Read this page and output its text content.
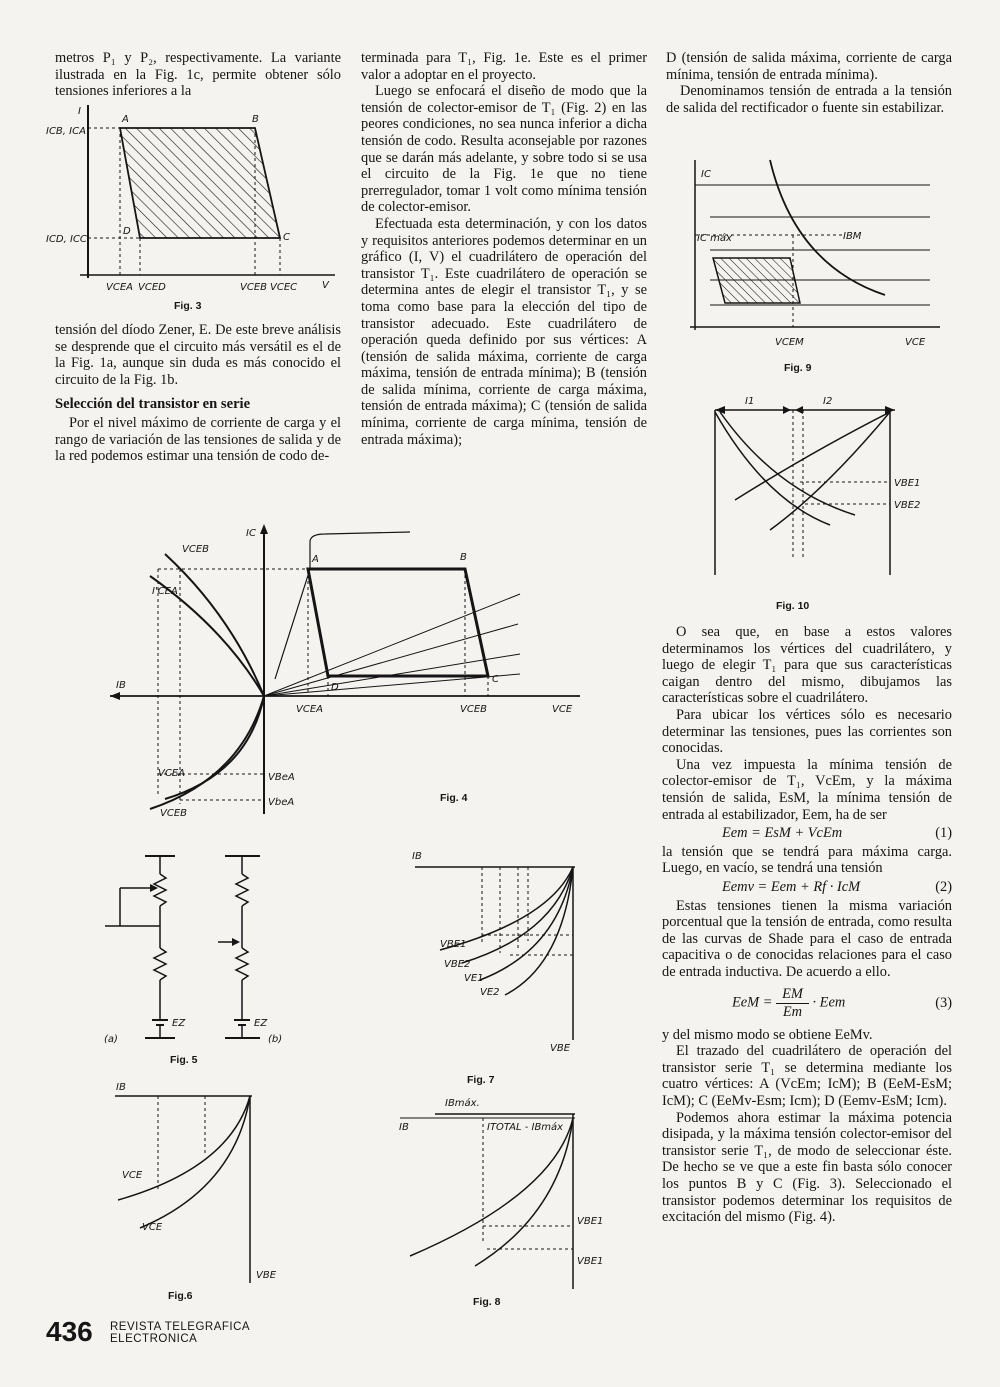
metros P₁ y P₂, respectivamente. La variante ilustrada en la Fig. 1c, permite obtener sólo tensiones inferiores a la

tensión del díodo Zener, E. De este breve análisis se desprende que el circuito más versátil es el de la Fig. 1a, aunque sin duda es más conocido el circuito de la Fig. 1b.

Selección del transistor en serie

Por el nivel máximo de corriente de carga y el rango de variación de las tensiones de salida y de la red podemos estimar una tensión de codo de-

terminada para T₁, Fig. 1e. Este es el primer valor a adoptar en el proyecto.

Luego se enfocará el diseño de modo que la tensión de colector-emisor de T₁ (Fig. 2) en las peores condiciones, no sea nunca inferior a dicha tensión de codo. Resulta aconsejable por razones que se darán más adelante, y sobre todo si se usa el circuito de la Fig. 1e que no tiene prerregulador, tomar 1 volt como mínima tensión de colector-emisor.

Efectuada esta determinación, y con los datos y requisitos anteriores podemos determinar en un gráfico (I, V) el cuadrilátero de operación del transistor T₁. Este cuadrilátero de operación se determina antes de elegir el transistor T₁, y se toma como base para la elección del tipo de transistor adecuado. Este cuadrilátero de operación queda definido por sus vértices: A (tensión de salida máxima, corriente de carga máxima, tensión de entrada mínima); B (tensión de salida mínima, corriente de carga máxima, tensión de entrada máxima); C (tensión de salida mínima, corriente de carga mínima, tensión de entrada máxima);

D (tensión de salida máxima, corriente de carga mínima, tensión de entrada mínima).

Denominamos tensión de entrada a la tensión de salida del rectificador o fuente sin estabilizar.

O sea que, en base a estos valores determinamos los vértices del cuadrilátero, y luego de elegir T₁ para que sus características caigan dentro del mismo, dibujamos las características sobre el cuadrilátero.

Para ubicar los vértices sólo es necesario determinar las tensiones, pues las corrientes son conocidas.

Una vez impuesta la mínima tensión de colector-emisor de T₁, VcEm, y la máxima tensión de salida, EsM, la mínima tensión de entrada al estabilizador, Eem, ha de ser

Eem = EsM + VcEm	(1)

la tensión que se tendrá para máxima carga. Luego, en vacío, se tendrá una tensión

Eemv = Eem + Rf · IcM	(2)

Estas tensiones tienen la misma variación porcentual que la tensión de entrada, como resulta de las curvas de Shade para el caso de entrada capacitiva o de conocidas relaciones para el caso de entrada inductiva. De acuerdo a ello.

EeM = $\frac{EM}{Em}$ · Eem	(3)

y del mismo modo se obtiene EeMv.

El trazado del cuadrilátero de operación del transistor serie T₁ se determina mediante los cuatro vértices: A (VcEm; IcM); B (EeM-EsM; IcM); C (EeMv-Esm; Icm); D (Eemv-EsM; Icm).

Podemos ahora estimar la máxima potencia disipada, y la máxima tensión colector-emisor del transistor serie T₁, de modo de seleccionar éste. De hecho se ve que a este fin basta sólo conocer los puntos B y C (Fig. 3). Seleccionado el transistor podemos determinar los requisitos de excitación del mismo (Fig. 4).

I
ICB, ICA
ICD, ICC
A	B
C
D
VCEA VCED	VCEB VCEC V
Fig. 3
IC
IB
VCE
VCEB
I'CEA
A	B
C
D
VCEA	VCEB
VCEA
VCEB
VBeA
VbeA	Fig. 4
(a)
EZ	EZ
(b)
Fig. 5
IB
VCE
VCE
VBE
Fig.6
IB
VBE1
VBE2
VE1
VE2
VBE
Fig. 7
IBmáx.
IB	ITOTAL - IBmáx
VBE1
VBE1
Fig. 8
IC
IBM
IC máx
VCEM	VCE
Fig. 9
I1	I2
VBE1
VBE2
Fig. 10
436 REVISTA TELEGRAFICA
ELECTRONICA
